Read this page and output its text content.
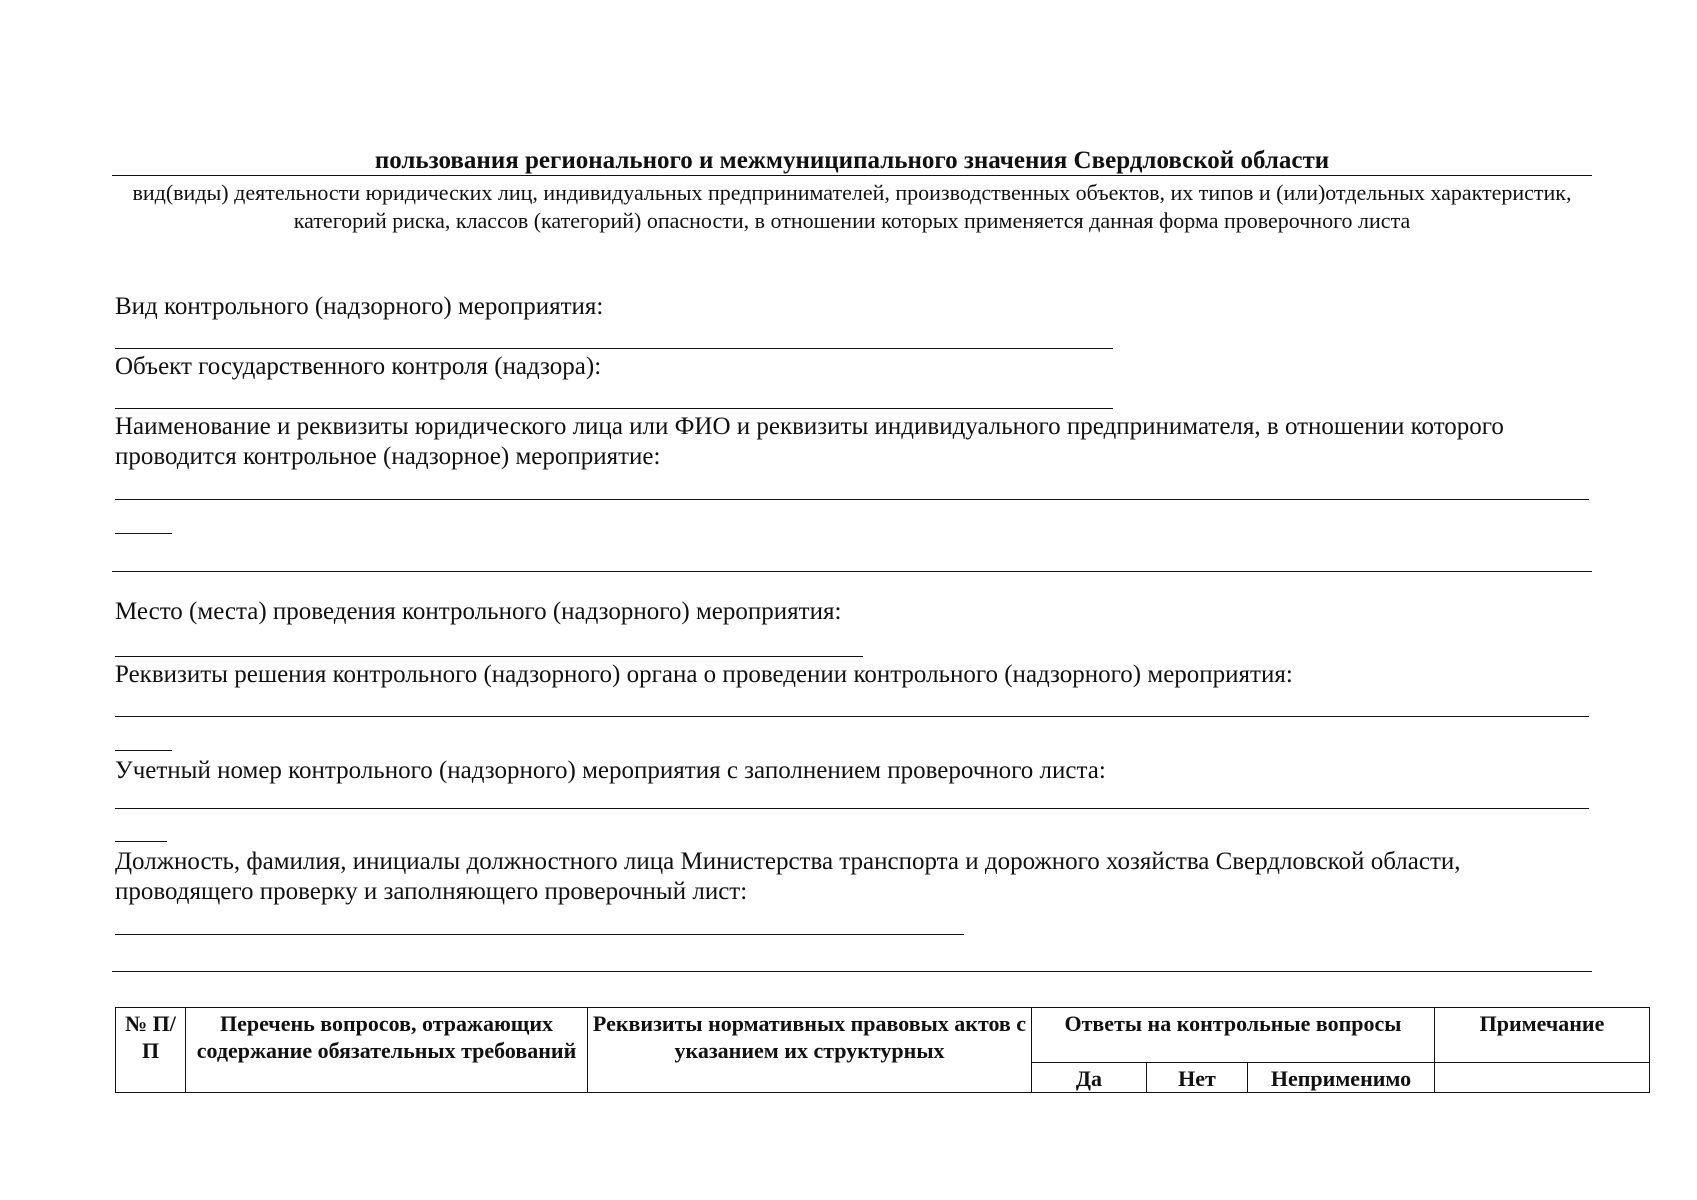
пользования регионального и межмуниципального значения Свердловской области
вид(виды) деятельности юридических лиц, индивидуальных предпринимателей, производственных объектов, их типов и (или)отдельных характеристик, категорий риска, классов (категорий) опасности, в отношении которых применяется данная форма проверочного листа
Вид контрольного (надзорного) мероприятия:
Объект государственного контроля (надзора):
Наименование и реквизиты юридического лица или ФИО и реквизиты индивидуального предпринимателя, в отношении которого проводится контрольное (надзорное) мероприятие:
Место (места) проведения контрольного (надзорного) мероприятия:
Реквизиты решения контрольного (надзорного) органа о проведении контрольного (надзорного) мероприятия:
Учетный номер контрольного (надзорного) мероприятия с заполнением проверочного листа:
Должность, фамилия, инициалы должностного лица Министерства транспорта и дорожного хозяйства Свердловской области, проводящего проверку и заполняющего проверочный лист:
№ П/П	Перечень вопросов, отражающих содержание обязательных требований	Реквизиты нормативных правовых актов с указанием их структурных	Ответы на контрольные вопросы			Примечание
			Да	Нет	Неприменимо	
